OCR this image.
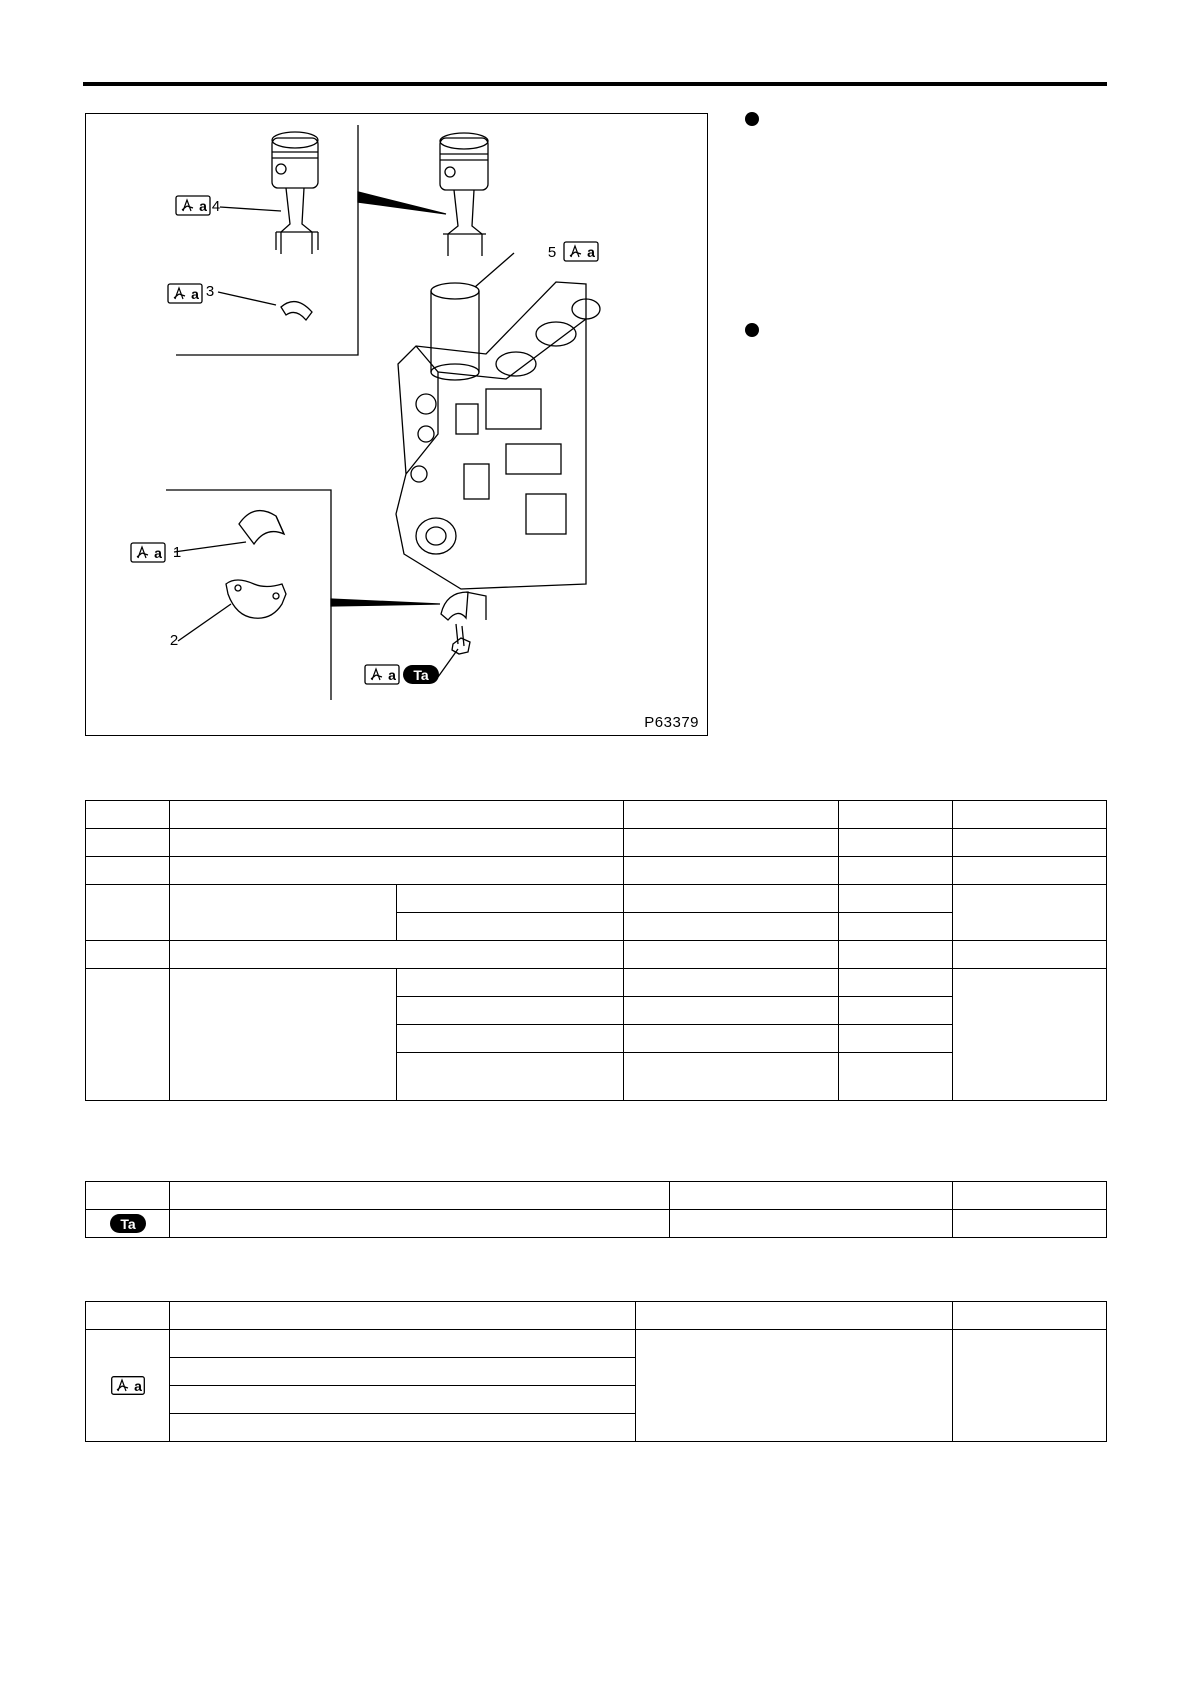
4
3
5
1
2
a
a
a
a
a Ta
P63379

Ta			

a			
